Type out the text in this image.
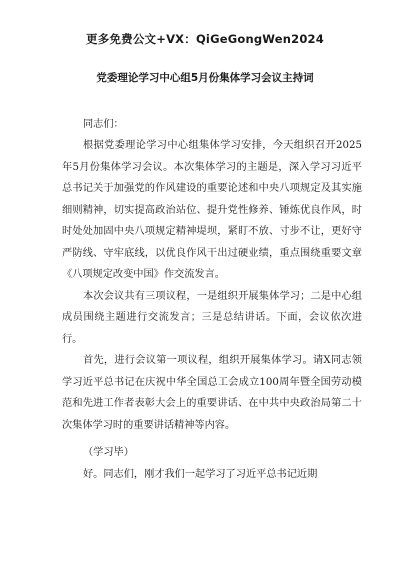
更多免费公文+VX：QiGeGongWen2024
党委理论学习中心组5月份集体学习会议主持词
同志们：

根据党委理论学习中心组集体学习安排，今天组织召开2025年5月份集体学习会议。本次集体学习的主题是，深入学习习近平总书记关于加强党的作风建设的重要论述和中央八项规定及其实施细则精神，切实提高政治站位、提升党性修养、锤炼优良作风，时时处处加固中央八项规定精神堤坝，紧盯不放、寸步不让，更好守严防线、守牢底线，以优良作风干出过硬业绩，重点围绕重要文章《八项规定改变中国》作交流发言。

本次会议共有三项议程，一是组织开展集体学习；二是中心组成员围绕主题进行交流发言；三是总结讲话。下面，会议依次进行。

首先，进行会议第一项议程，组织开展集体学习。请X同志领学习近平总书记在庆祝中华全国总工会成立100周年暨全国劳动模范和先进工作者表彰大会上的重要讲话、在中共中央政治局第二十次集体学习时的重要讲话精神等内容。

（学习毕）

好。同志们，刚才我们一起学习了习近平总书记近期
